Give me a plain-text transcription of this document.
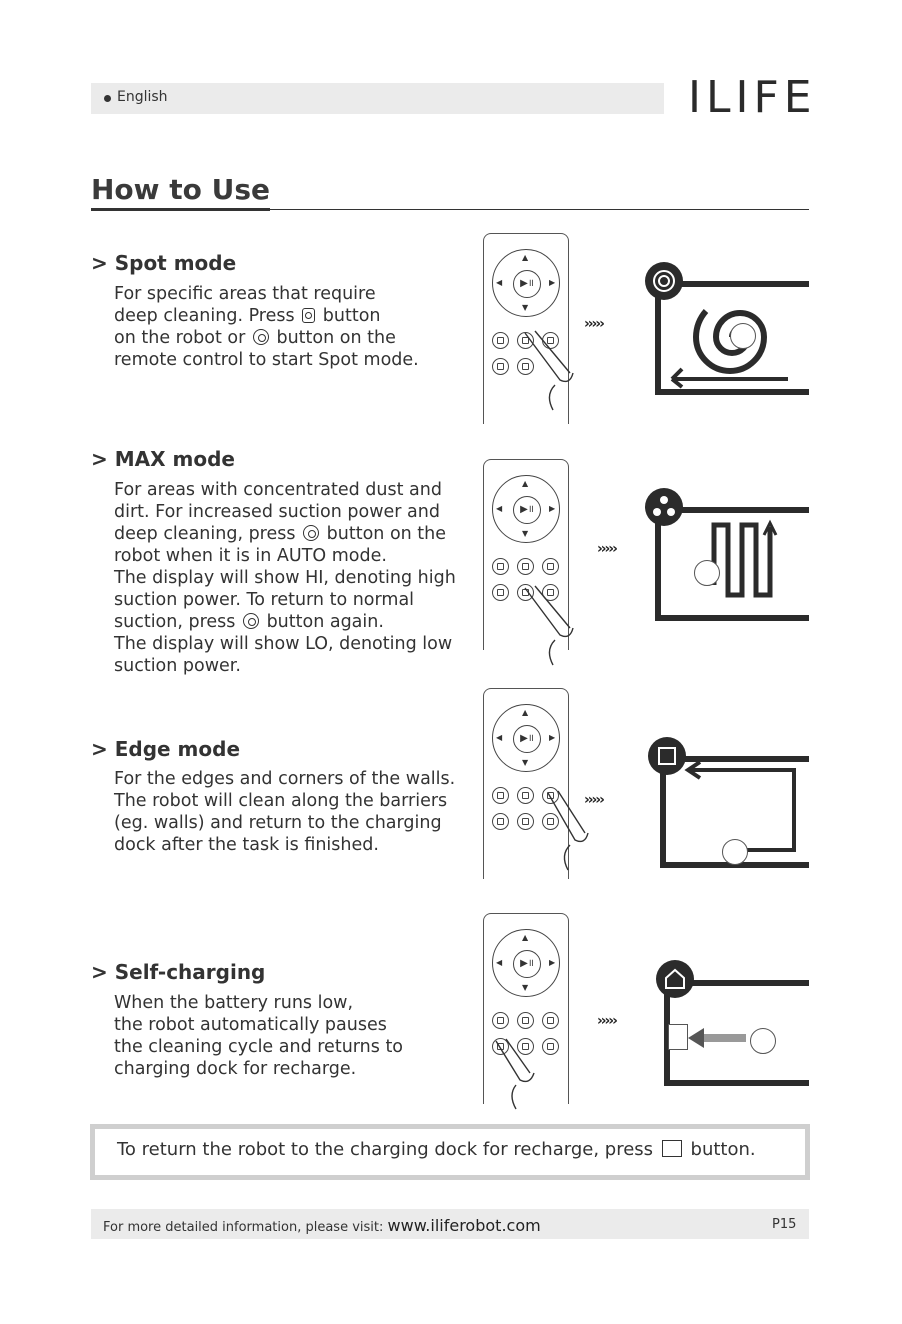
English	ILIFE
How to Use
> Spot mode
For specific areas that require
deep cleaning. Press button
on the robot or button on the
remote control to start Spot mode.
> MAX mode
For areas with concentrated dust and
dirt. For increased suction power and
deep cleaning, press button on the
robot when it is in AUTO mode.
The display will show HI, denoting high
suction power. To return to normal
suction, press button again.
The display will show LO, denoting low
suction power.
> Edge mode
For the edges and corners of the walls.
The robot will clean along the barriers
(eg. walls) and return to the charging
dock after the task is finished.
> Self-charging
When the battery runs low,
the robot automatically pauses
the cleaning cycle and returns to
charging dock for recharge.
▲
▼
◀	▶
▶॥
›››››
▲
▼
◀	▶
▶॥
›››››
▲
▼
◀	▶
▶॥
›››››
▲
▼
◀	▶
▶॥
›››››
To return the robot to the charging dock for recharge, press button.
For more detailed information, please visit: www.iliferobot.com	P15
